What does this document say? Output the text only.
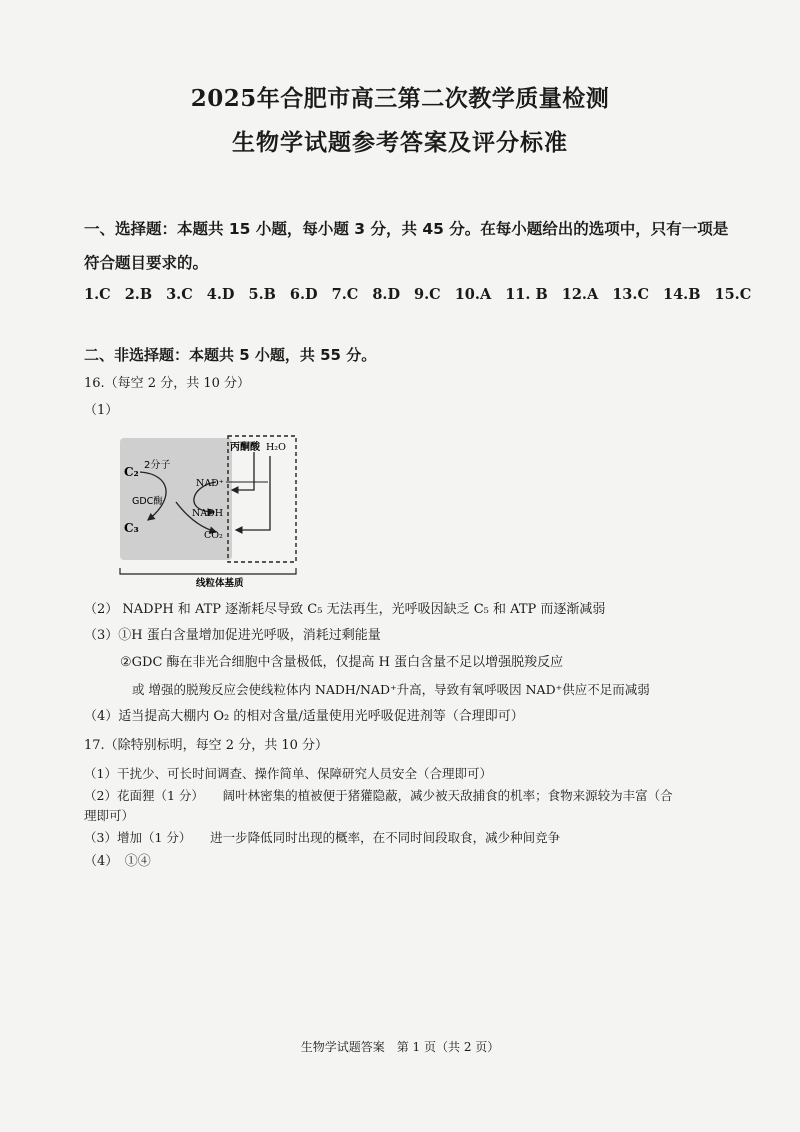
2025年合肥市高三第二次教学质量检测
生物学试题参考答案及评分标准
一、选择题：本题共 15 小题，每小题 3 分，共 45 分。在每小题给出的选项中，只有一项是
符合题目要求的。
1.C 2.B 3.C 4.D 5.B 6.D 7.C 8.D 9.C 10.A 11. B 12.A 13.C 14.B 15.C
二、非选择题：本题共 5 小题，共 55 分。
16.（每空 2 分，共 10 分）
（1）
C₂ 2分子
GDC酶
C₃
NAD⁺
NADH
CO₂
丙酮酸 H₂O
线粒体基质
（2） NADPH 和 ATP 逐渐耗尽导致 C₅ 无法再生，光呼吸因缺乏 C₅ 和 ATP 而逐渐减弱
（3）①H 蛋白含量增加促进光呼吸，消耗过剩能量
②GDC 酶在非光合细胞中含量极低，仅提高 H 蛋白含量不足以增强脱羧反应
或 增强的脱羧反应会使线粒体内 NADH/NAD⁺升高，导致有氧呼吸因 NAD⁺供应不足而减弱
（4）适当提高大棚内 O₂ 的相对含量/适量使用光呼吸促进剂等（合理即可）
17.（除特别标明，每空 2 分，共 10 分）
（1）干扰少、可长时间调查、操作简单、保障研究人员安全（合理即可）
（2）花面狸（1 分）　　阔叶林密集的植被便于猪獾隐蔽，减少被天敌捕食的机率；食物来源较为丰富（合
理即可）
（3）增加（1 分）　　进一步降低同时出现的概率，在不同时间段取食，减少种间竞争
（4）　①④
生物学试题答案　第 1 页（共 2 页）
